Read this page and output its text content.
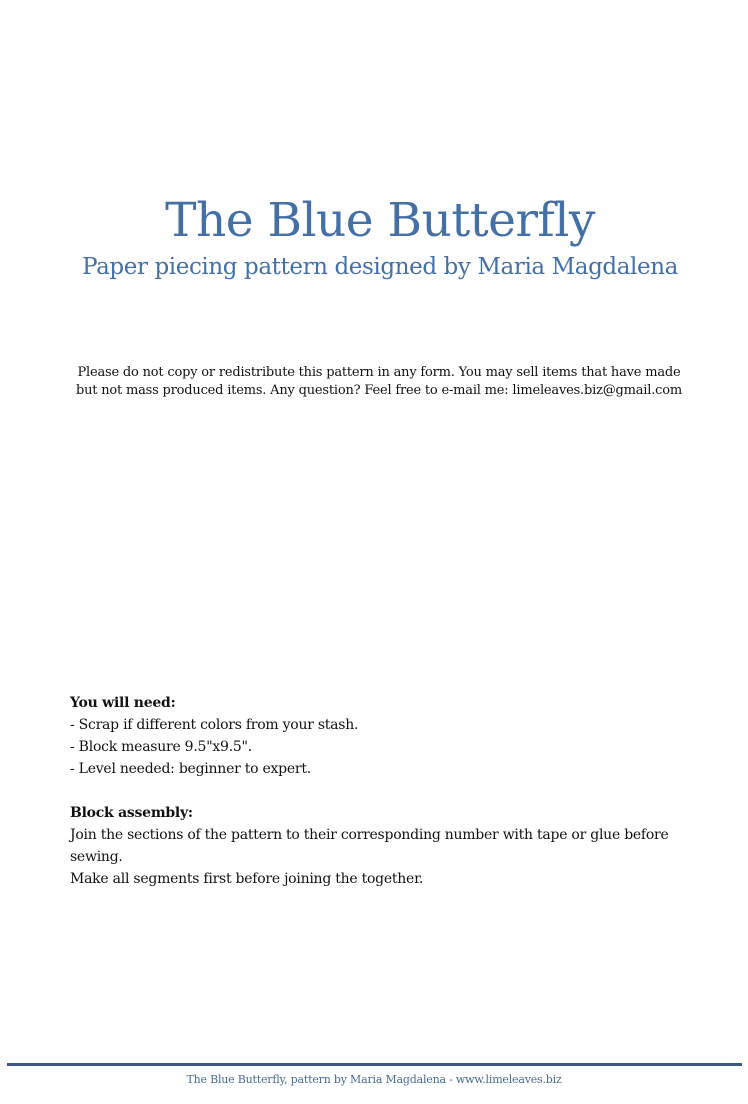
The Blue Butterfly
Paper piecing pattern designed by Maria Magdalena
Please do not copy or redistribute this pattern in any form. You may sell items that have made
but not mass produced items. Any question? Feel free to e-mail me: limeleaves.biz@gmail.com
You will need:
- Scrap if different colors from your stash.
- Block measure 9.5"x9.5".
- Level needed: beginner to expert.
Block assembly:
Join the sections of the pattern to their corresponding number with tape or glue before
sewing.
Make all segments first before joining the together.
The Blue Butterfly, pattern by Maria Magdalena - www.limeleaves.biz
